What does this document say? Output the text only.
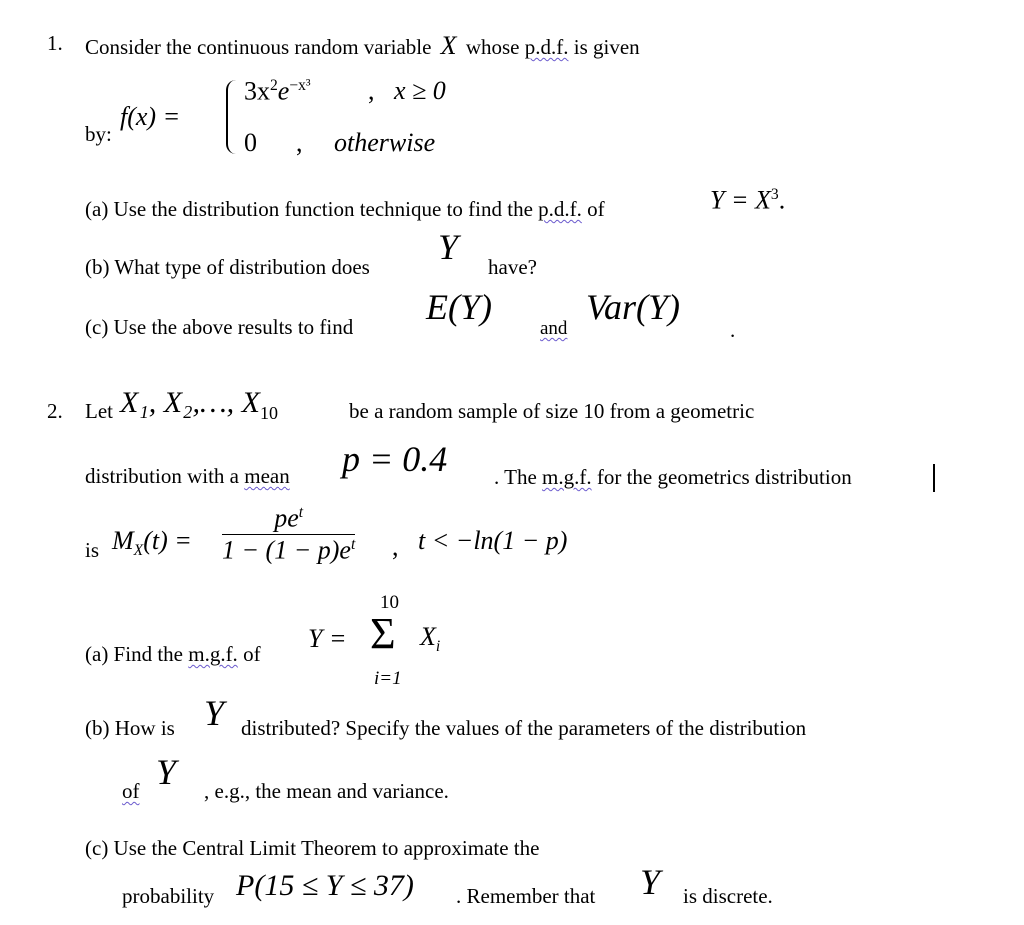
1. Consider the continuous random variable X whose p.d.f. is given
by:
f(x) =
$3x^2e^{-x^3}$ , x ≥ 0
0 , otherwise
(a) Use the distribution function technique to find the p.d.f. of	$Y = X^3$.
(b) What type of distribution does Y have?
(c) Use the above results to find E(Y)
and
Var(Y)
.
2. Let X₁, X₂,…, $X_{10}$	be a random sample of size 10 from a geometric
distribution with a mean p = 0.4 . The m.g.f. for the geometrics distribution
is $M_X(t) = \frac{pe^t}{1 - (1 - p)e^t}$ , t < −ln(1 − p)
10
(a) Find the m.g.f. of
Y = Σ $X_i$
i=1
(b) How is Y distributed? Specify the values of the parameters of the distribution
of Y , e.g., the mean and variance.
(c) Use the Central Limit Theorem to approximate the
probability P(15 ≤ Y ≤ 37) . Remember that Y is discrete.
